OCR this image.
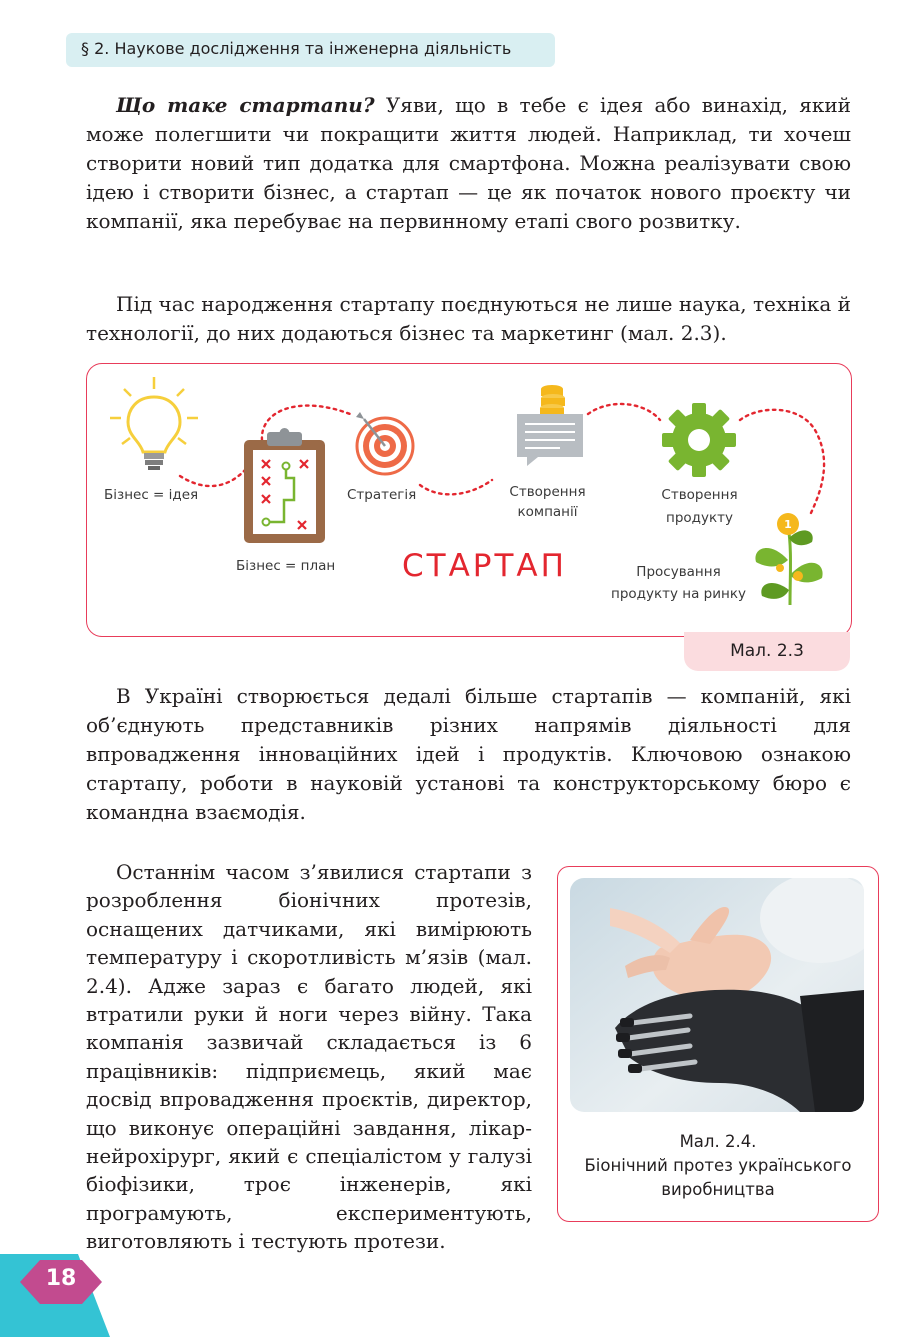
§ 2. Наукове дослідження та інженерна діяльність

Що таке стартапи? Уяви, що в тебе є ідея або винахід, який може полегшити чи покращити життя людей. Наприклад, ти хочеш створити новий тип додатка для смартфона. Можна реалізувати свою ідею і створити бізнес, а стартап — це як початок нового проєкту чи компанії, яка перебуває на первинному етапі свого розвитку.

Під час народження стартапу поєднуються не лише наука, техніка й технології, до них додаються бізнес та маркетинг (мал. 2.3).

1
Бізнес = ідея
Бізнес = план
Стратегія	Створення
компанії
Створення
продукту
Просування
продукту на ринку
СТАРТАП
Мал. 2.3

В Україні створюється дедалі більше стартапів — компаній, які об’єднують представників різних напрямів діяльності для впровадження інноваційних ідей і продуктів. Ключовою ознакою стартапу, роботи в науковій установі та конструкторському бюро є командна взаємодія.

Останнім часом з’явилися стартапи з розроблення біонічних протезів, оснащених датчиками, які вимірюють температуру і скоротливість м’язів (мал. 2.4). Адже зараз є багато людей, які втратили руки й ноги через війну. Така компанія зазвичай складається із 6 працівників: підприємець, який має досвід впровадження проєктів, директор, що виконує операційні завдання, лікар-нейрохірург, який є спеціалістом у галузі біофізики, троє інженерів, які програмують, експериментують, виготовляють і тестують протези.

Мал. 2.4.
Біонічний протез українського
виробництва
18
